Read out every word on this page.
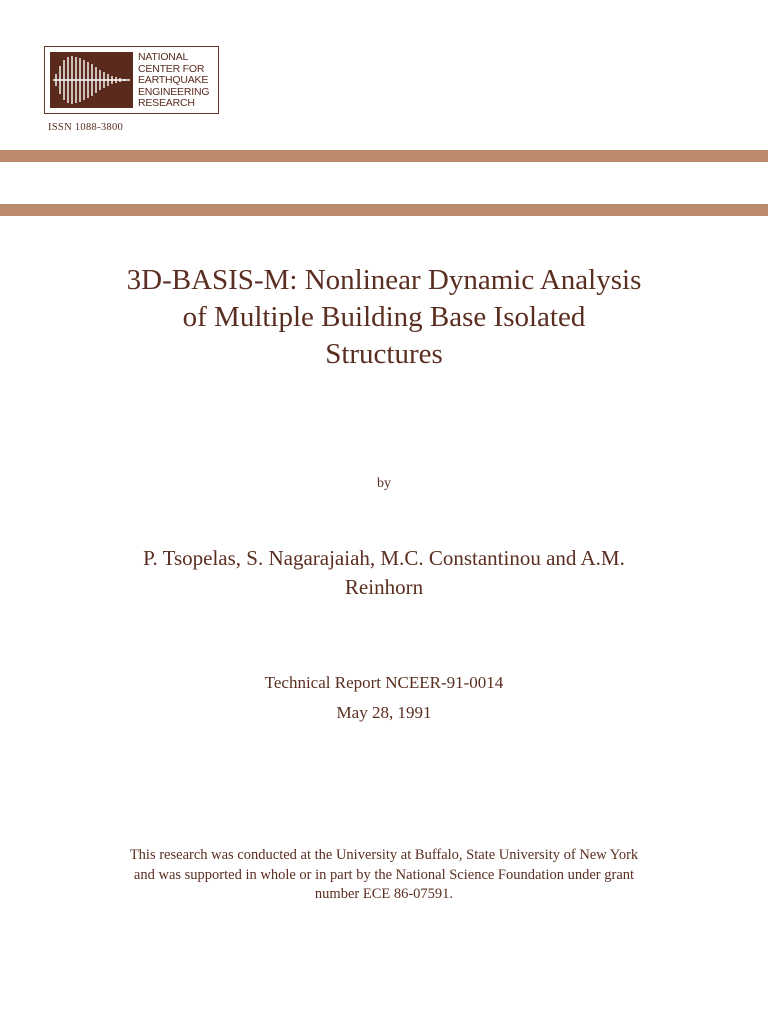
NATIONAL
CENTER FOR
EARTHQUAKE
ENGINEERING
RESEARCH
ISSN 1088-3800
3D-BASIS-M: Nonlinear Dynamic Analysis
of Multiple Building Base Isolated
Structures
by
P. Tsopelas, S. Nagarajaiah, M.C. Constantinou and A.M.
Reinhorn
Technical Report NCEER-91-0014
May 28, 1991
This research was conducted at the University at Buffalo, State University of New York
and was supported in whole or in part by the National Science Foundation under grant
number ECE 86-07591.
